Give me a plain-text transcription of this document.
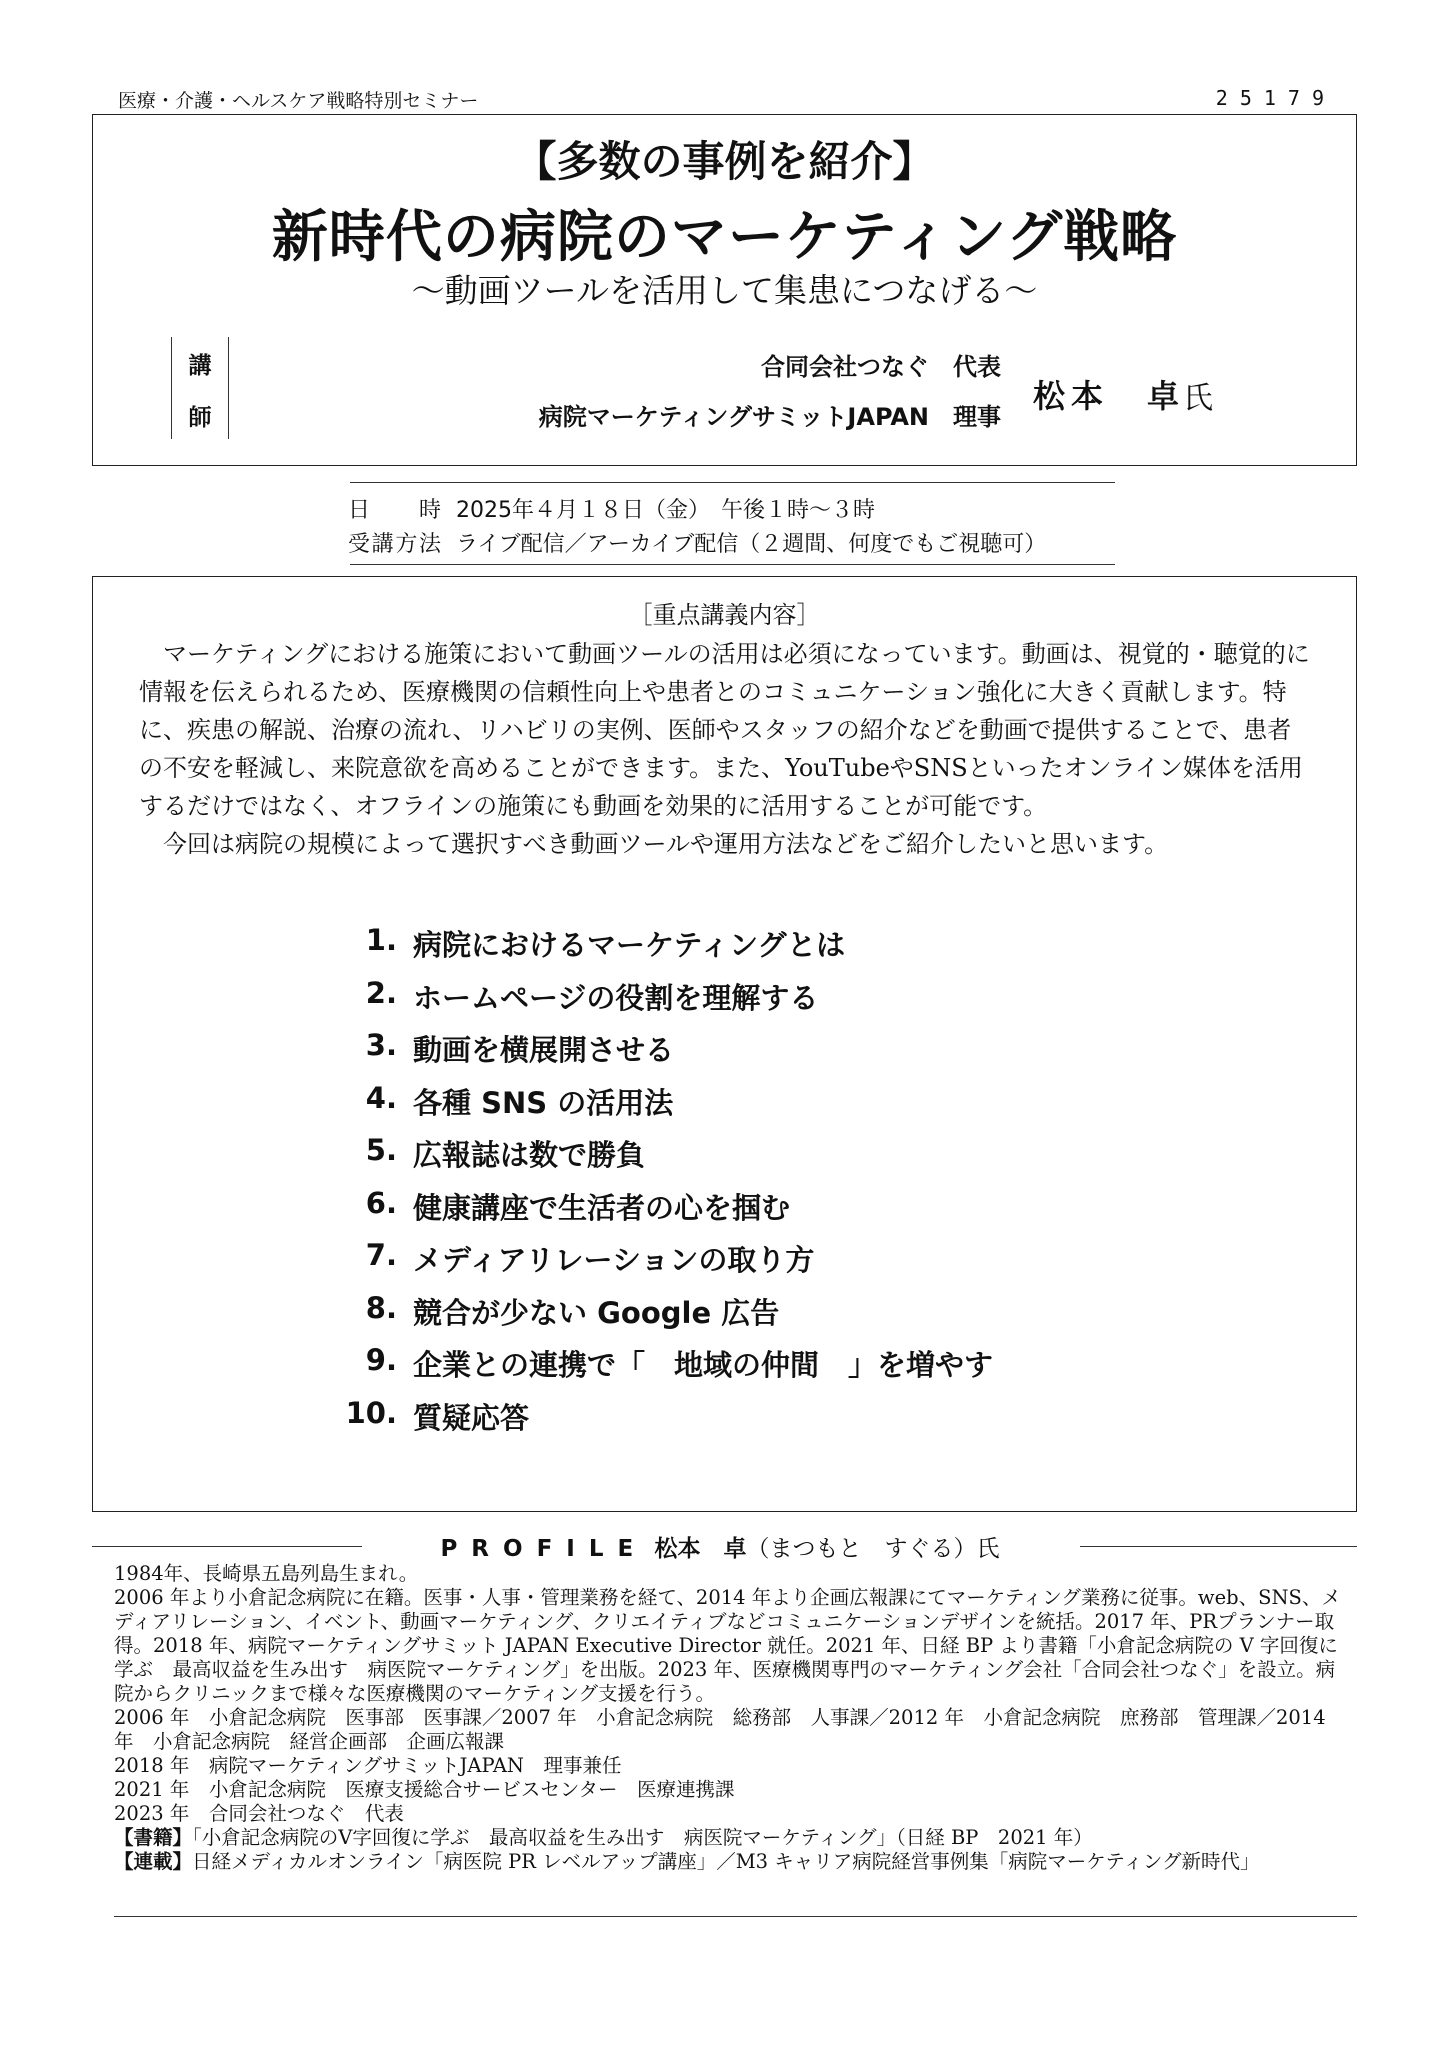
医療・介護・ヘルスケア戦略特別セミナー	25179
【多数の事例を紹介】
新時代の病院のマーケティング戦略
～動画ツールを活用して集患につなげる～
講
師
合同会社つなぐ　代表
病院マーケティングサミットJAPAN　理事
松本　卓
氏
日時 2025年４月１８日（金）　午後１時～３時
受講方法 ライブ配信／アーカイブ配信（２週間、何度でもご視聴可）
［重点講義内容］

マーケティングにおける施策において動画ツールの活用は必須になっています。動画は、視覚的・聴覚的に情報を伝えられるため、医療機関の信頼性向上や患者とのコミュニケーション強化に大きく貢献します。特に、疾患の解説、治療の流れ、リハビリの実例、医師やスタッフの紹介などを動画で提供することで、患者の不安を軽減し、来院意欲を高めることができます。また、YouTubeやSNSといったオンライン媒体を活用するだけではなく、オフラインの施策にも動画を効果的に活用することが可能です。

今回は病院の規模によって選択すべき動画ツールや運用方法などをご紹介したいと思います。

1. 病院におけるマーケティングとは
2. ホームページの役割を理解する
3. 動画を横展開させる
4. 各種 SNS の活用法
5. 広報誌は数で勝負
6. 健康講座で生活者の心を掴む
7. メディアリレーションの取り方
8. 競合が少ない Google 広告
9. 企業との連携で「　地域の仲間　」を増やす
10. 質疑応答
PROFILE 松本　卓（まつもと　すぐる）氏

1984年、長崎県五島列島生まれ。

2006 年より小倉記念病院に在籍。医事・人事・管理業務を経て、2014 年より企画広報課にてマーケティング業務に従事。web、SNS、メディアリレーション、イベント、動画マーケティング、クリエイティブなどコミュニケーションデザインを統括。2017 年、PRプランナー取得。2018 年、病院マーケティングサミット JAPAN Executive Director 就任。2021 年、日経 BP より書籍「小倉記念病院の V 字回復に学ぶ　最高収益を生み出す　病医院マーケティング」を出版。2023 年、医療機関専門のマーケティング会社「合同会社つなぐ」を設立。病院からクリニックまで様々な医療機関のマーケティング支援を行う。

2006 年　小倉記念病院　医事部　医事課／2007 年　小倉記念病院　総務部　人事課／2012 年　小倉記念病院　庶務部　管理課／2014 年　小倉記念病院　経営企画部　企画広報課

2018 年　病院マーケティングサミットJAPAN　理事兼任

2021 年　小倉記念病院　医療支援総合サービスセンター　医療連携課

2023 年　合同会社つなぐ　代表

【書籍】「小倉記念病院のV字回復に学ぶ　最高収益を生み出す　病医院マーケティング」（日経 BP　2021 年）

【連載】日経メディカルオンライン「病医院 PR レベルアップ講座」／M3 キャリア病院経営事例集「病院マーケティング新時代」
